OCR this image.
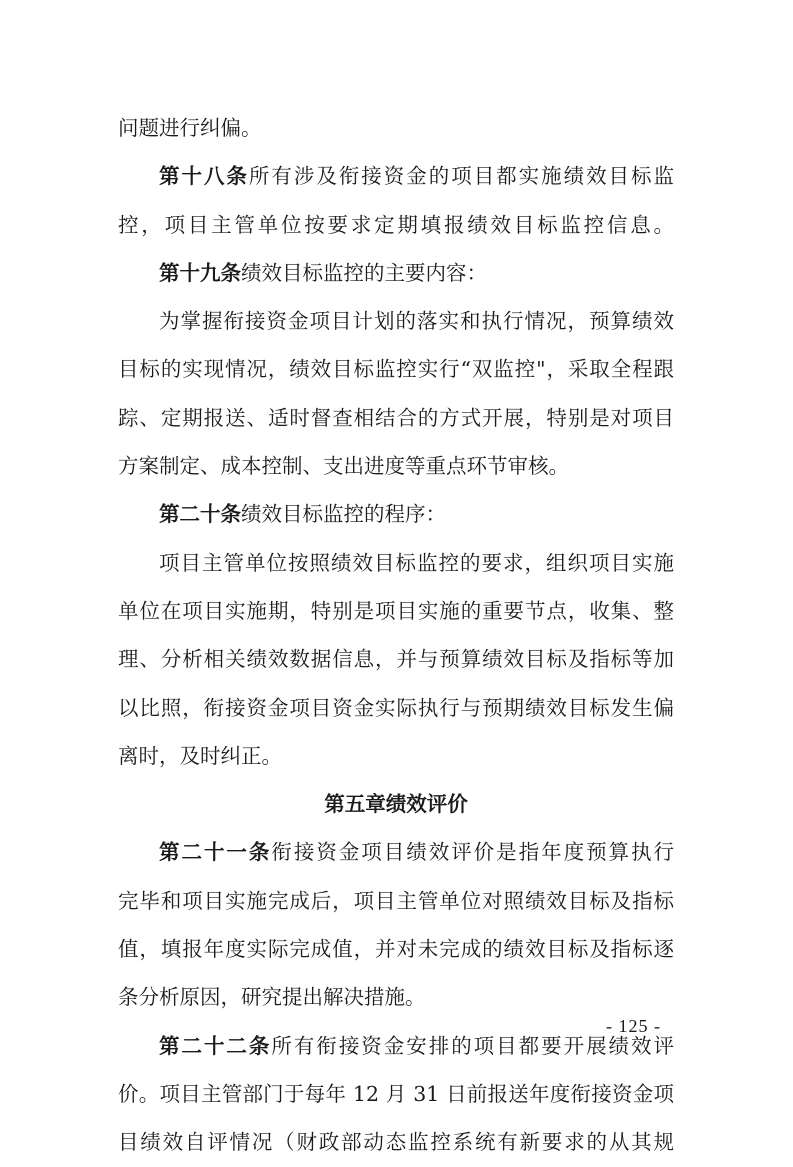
问题进行纠偏。
第十八条所有涉及衔接资金的项目都实施绩效目标监
控，项目主管单位按要求定期填报绩效目标监控信息。
第十九条绩效目标监控的主要内容：
为掌握衔接资金项目计划的落实和执行情况，预算绩效
目标的实现情况，绩效目标监控实行“双监控"，采取全程跟
踪、定期报送、适时督查相结合的方式开展，特别是对项目
方案制定、成本控制、支出进度等重点环节审核。
第二十条绩效目标监控的程序：
项目主管单位按照绩效目标监控的要求，组织项目实施
单位在项目实施期，特别是项目实施的重要节点，收集、整
理、分析相关绩效数据信息，并与预算绩效目标及指标等加
以比照，衔接资金项目资金实际执行与预期绩效目标发生偏
离时，及时纠正。
第五章绩效评价
第二十一条衔接资金项目绩效评价是指年度预算执行
完毕和项目实施完成后，项目主管单位对照绩效目标及指标
值，填报年度实际完成值，并对未完成的绩效目标及指标逐
条分析原因，研究提出解决措施。
第二十二条所有衔接资金安排的项目都要开展绩效评
价。项目主管部门于每年 12 月 31 日前报送年度衔接资金项
目绩效自评情况（财政部动态监控系统有新要求的从其规
- 125 -
